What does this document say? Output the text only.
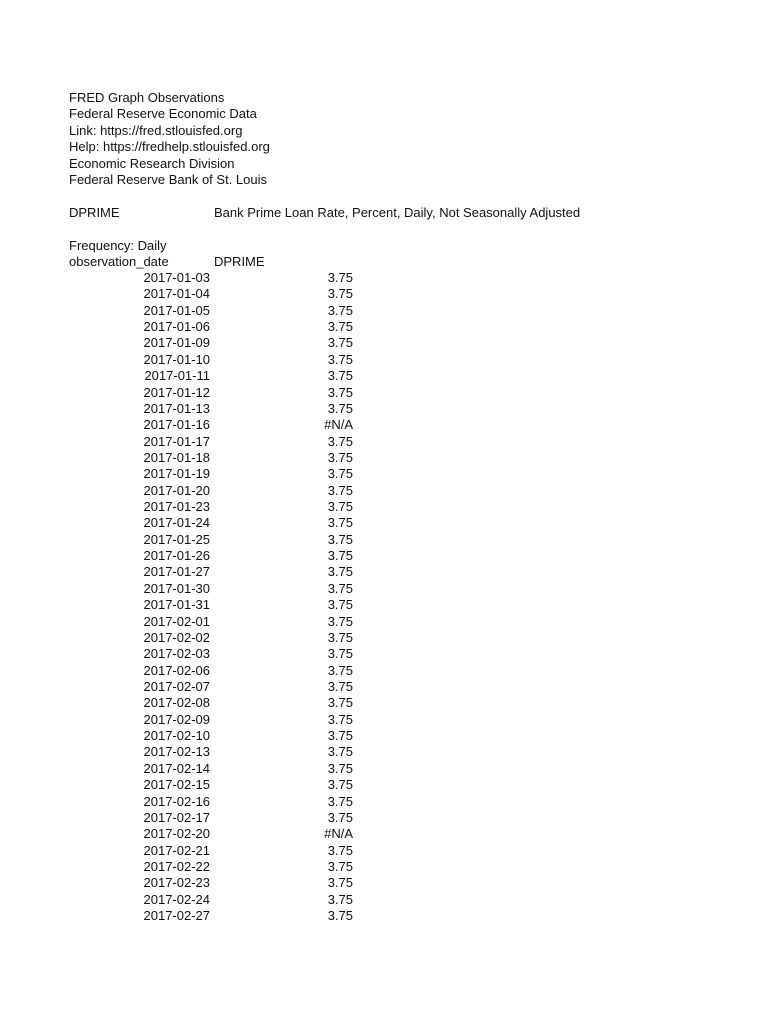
FRED Graph Observations
Federal Reserve Economic Data
Link: https://fred.stlouisfed.org
Help: https://fredhelp.stlouisfed.org
Economic Research Division
Federal Reserve Bank of St. Louis
DPRIME	Bank Prime Loan Rate, Percent, Daily, Not Seasonally Adjusted
Frequency: Daily
observation_date	DPRIME
2017-01-03	3.75
2017-01-04	3.75
2017-01-05	3.75
2017-01-06	3.75
2017-01-09	3.75
2017-01-10	3.75
2017-01-11	3.75
2017-01-12	3.75
2017-01-13	3.75
2017-01-16	#N/A
2017-01-17	3.75
2017-01-18	3.75
2017-01-19	3.75
2017-01-20	3.75
2017-01-23	3.75
2017-01-24	3.75
2017-01-25	3.75
2017-01-26	3.75
2017-01-27	3.75
2017-01-30	3.75
2017-01-31	3.75
2017-02-01	3.75
2017-02-02	3.75
2017-02-03	3.75
2017-02-06	3.75
2017-02-07	3.75
2017-02-08	3.75
2017-02-09	3.75
2017-02-10	3.75
2017-02-13	3.75
2017-02-14	3.75
2017-02-15	3.75
2017-02-16	3.75
2017-02-17	3.75
2017-02-20	#N/A
2017-02-21	3.75
2017-02-22	3.75
2017-02-23	3.75
2017-02-24	3.75
2017-02-27	3.75
